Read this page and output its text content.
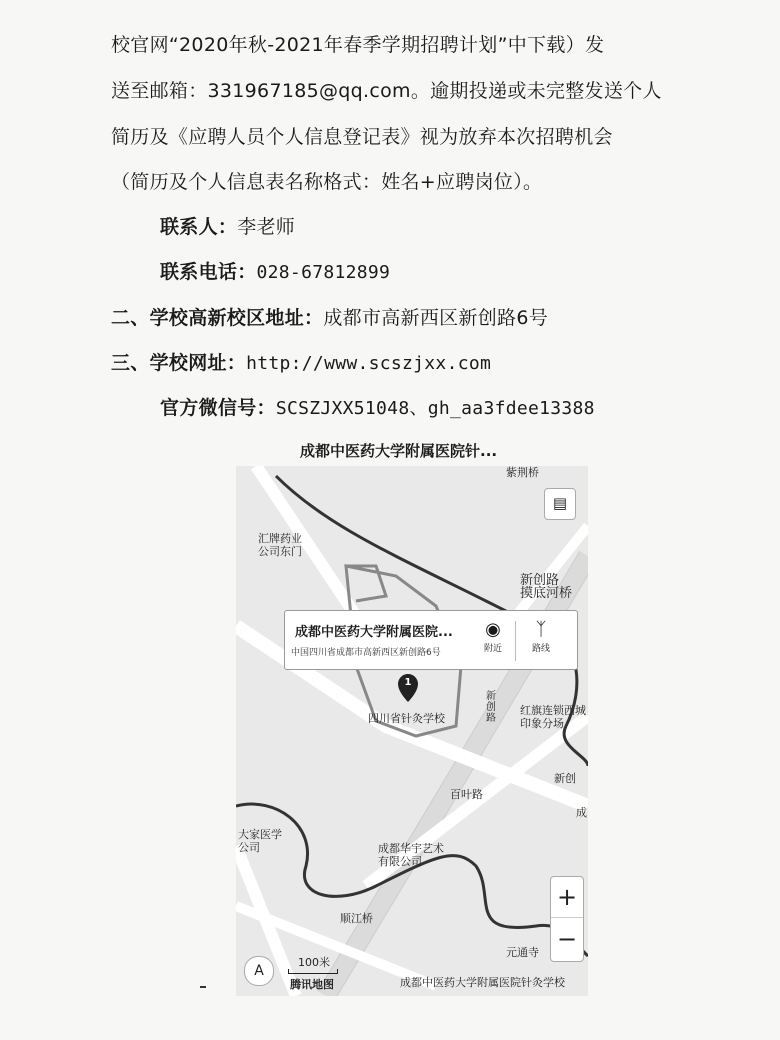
校官网“2020年秋-2021年春季学期招聘计划”中下载）发
送至邮箱：331967185@qq.com。逾期投递或未完整发送个人
简历及《应聘人员个人信息登记表》视为放弃本次招聘机会
（简历及个人信息表名称格式：姓名+应聘岗位）。
联系人：李老师
联系电话：028-67812899
二、学校高新校区地址：成都市高新西区新创路6号
三、学校网址：http://www.scszjxx.com
官方微信号：SCSZJXX51048、gh_aa3fdee13388
成都中医药大学附属医院针...
紫荆桥
汇牌药业
公司东门
新创路
摸底河桥
四川省针灸学校
红旗连锁西城
印象分场
新
创
路
新创
百叶路
成
大家医学
公司	成都华宇艺术
有限公司
顺江桥
元通寺
成都中医药大学附属医院...
中国四川省成都市高新西区新创路6号
◉
附近
ᛉ
路线
1
▤
+
−
A
100米
腾讯地图	成都中医药大学附属医院针灸学校
